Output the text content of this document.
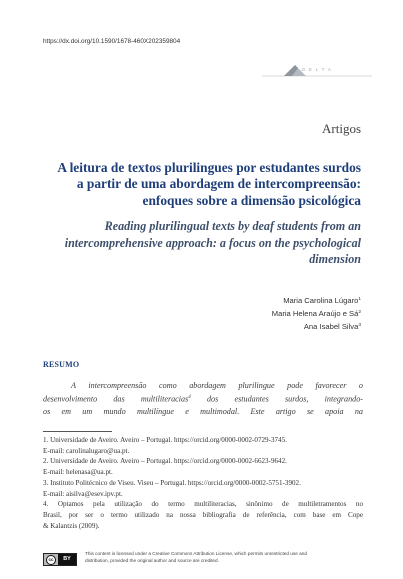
https://dx.doi.org/10.1590/1678-460X202359804
D E L T A
Artigos
A leitura de textos plurilingues por estudantes surdos
a partir de uma abordagem de intercompreensão:
enfoques sobre a dimensão psicológica
Reading plurilingual texts by deaf students from an
intercomprehensive approach: a focus on the psychological
dimension
Maria Carolina Lúgaro$^1$
Maria Helena Araújo e $Sá^2$
Ana Isabel Silva$^3$
RESUMO
A intercompreensão como abordagem plurilingue pode favorecer o
desenvolvimento das multiliteracias$^4$ dos estudantes surdos, integrando-
os em um mundo multilíngue e multimodal. Este artigo se apoia na
1. Universidade de Aveiro. Aveiro – Portugal. https://orcid.org/0000-0002-0729-3745.
E-mail: carolinalugaro@ua.pt.
2. Universidade de Aveiro. Aveiro – Portugal. https://orcid.org/0000-0002-6623-9642.
E-mail: helenasa@ua.pt.
3. Instituto Politécnico de Viseu. Viseu – Portugal. https://orcid.org/0000-0002-5751-3902.
E-mail: aisilva@esev.ipv.pt.
4. Optamos pela utilização do termo multiliteracias, sinônimo de multiletramentos no
Brasil, por ser o termo utilizado na nossa bibliografia de referência, com base em Cope
& Kalantzis (2009).
cc	BY
This content is licensed under a Creative Commons Attribution License, which permits unrestricted use and
distribution, provided the original author and source are credited.
